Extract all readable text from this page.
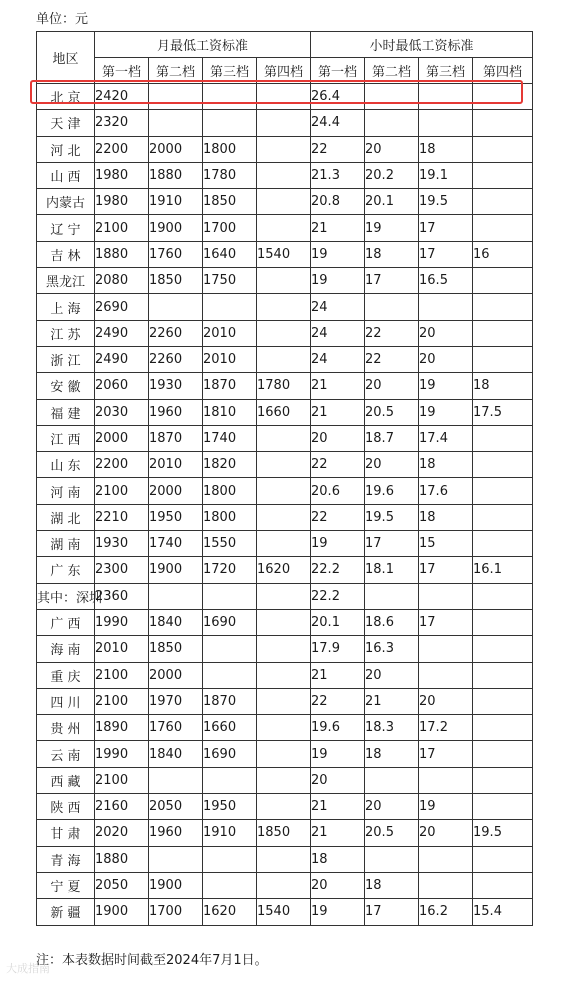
单位：元
地区	月最低工资标准				小时最低工资标准			
	第一档	第二档	第三档	第四档	第一档	第二档	第三档	第四档
北 京	2420				26.4			
天 津	2320				24.4			
河 北	2200	2000	1800		22	20	18	
山 西	1980	1880	1780		21.3	20.2	19.1	
内蒙古	1980	1910	1850		20.8	20.1	19.5	
辽 宁	2100	1900	1700		21	19	17	
吉 林	1880	1760	1640	1540	19	18	17	16
黑龙江	2080	1850	1750		19	17	16.5	
上 海	2690				24			
江 苏	2490	2260	2010		24	22	20	
浙 江	2490	2260	2010		24	22	20	
安 徽	2060	1930	1870	1780	21	20	19	18
福 建	2030	1960	1810	1660	21	20.5	19	17.5
江 西	2000	1870	1740		20	18.7	17.4	
山 东	2200	2010	1820		22	20	18	
河 南	2100	2000	1800		20.6	19.6	17.6	
湖 北	2210	1950	1800		22	19.5	18	
湖 南	1930	1740	1550		19	17	15	
广 东	2300	1900	1720	1620	22.2	18.1	17	16.1
其中：深圳	2360				22.2			
广 西	1990	1840	1690		20.1	18.6	17	
海 南	2010	1850			17.9	16.3		
重 庆	2100	2000			21	20		
四 川	2100	1970	1870		22	21	20	
贵 州	1890	1760	1660		19.6	18.3	17.2	
云 南	1990	1840	1690		19	18	17	
西 藏	2100				20			
陕 西	2160	2050	1950		21	20	19	
甘 肃	2020	1960	1910	1850	21	20.5	20	19.5
青 海	1880				18			
宁 夏	2050	1900			20	18		
新 疆	1900	1700	1620	1540	19	17	16.2	15.4
注：本表数据时间截至2024年7月1日。
大成指南
